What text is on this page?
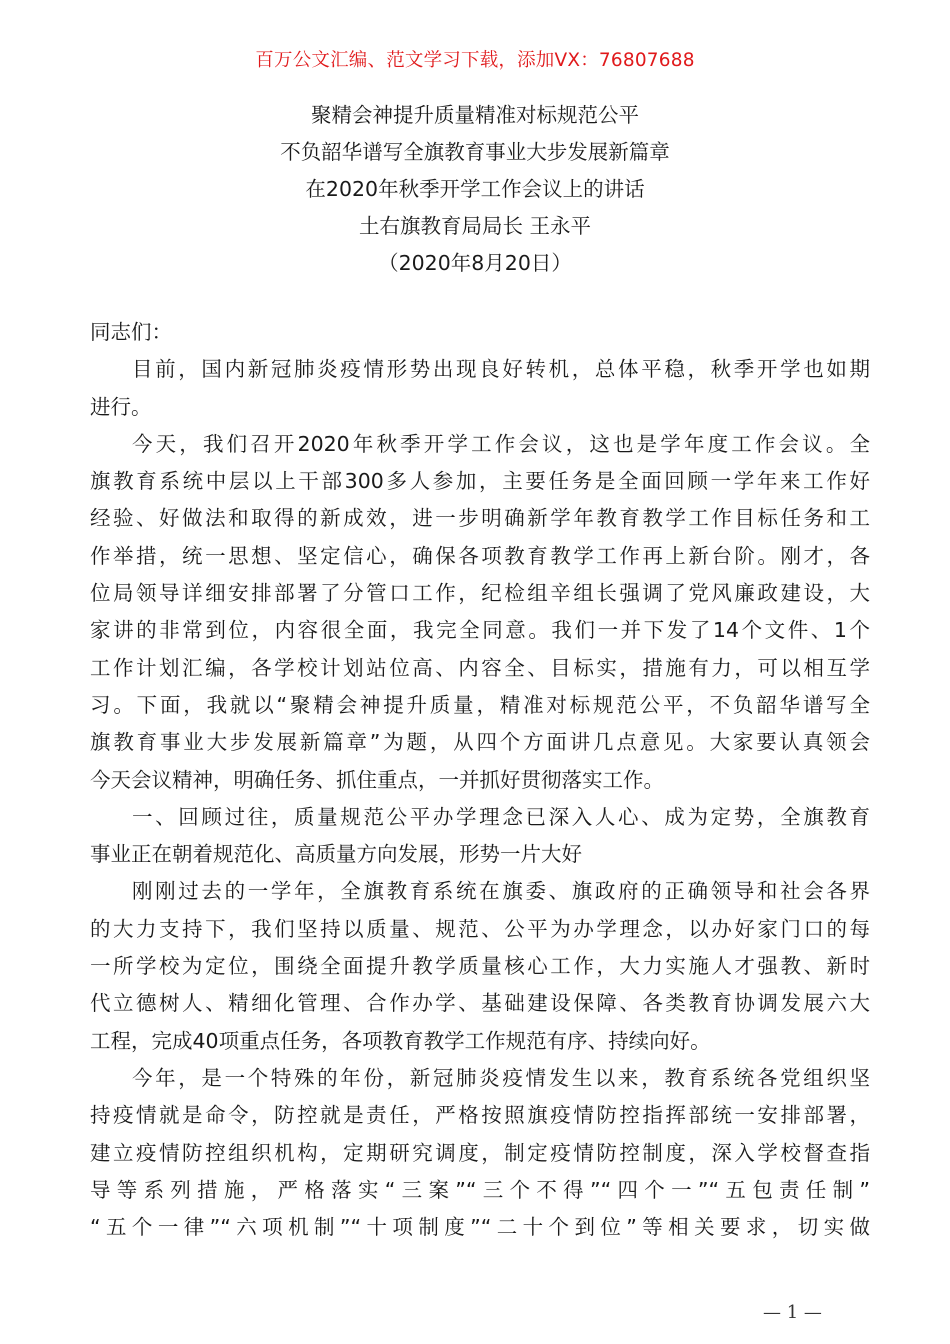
百万公文汇编、范文学习下载，添加VX：76807688
聚精会神提升质量精准对标规范公平
不负韶华谱写全旗教育事业大步发展新篇章
在2020年秋季开学工作会议上的讲话
土右旗教育局局长 王永平
（2020年8月20日）
同志们：
目前，国内新冠肺炎疫情形势出现良好转机，总体平稳，秋季开学也如期
进行。
今天，我们召开2020年秋季开学工作会议，这也是学年度工作会议。全
旗教育系统中层以上干部300多人参加，主要任务是全面回顾一学年来工作好
经验、好做法和取得的新成效，进一步明确新学年教育教学工作目标任务和工
作举措，统一思想、坚定信心，确保各项教育教学工作再上新台阶。刚才，各
位局领导详细安排部署了分管口工作，纪检组辛组长强调了党风廉政建设，大
家讲的非常到位，内容很全面，我完全同意。我们一并下发了14个文件、1个
工作计划汇编，各学校计划站位高、内容全、目标实，措施有力，可以相互学
习。下面，我就以“聚精会神提升质量，精准对标规范公平，不负韶华谱写全
旗教育事业大步发展新篇章”为题，从四个方面讲几点意见。大家要认真领会
今天会议精神，明确任务、抓住重点，一并抓好贯彻落实工作。
一、回顾过往，质量规范公平办学理念已深入人心、成为定势，全旗教育
事业正在朝着规范化、高质量方向发展，形势一片大好
刚刚过去的一学年，全旗教育系统在旗委、旗政府的正确领导和社会各界
的大力支持下，我们坚持以质量、规范、公平为办学理念，以办好家门口的每
一所学校为定位，围绕全面提升教学质量核心工作，大力实施人才强教、新时
代立德树人、精细化管理、合作办学、基础建设保障、各类教育协调发展六大
工程，完成40项重点任务，各项教育教学工作规范有序、持续向好。
今年，是一个特殊的年份，新冠肺炎疫情发生以来，教育系统各党组织坚
持疫情就是命令，防控就是责任，严格按照旗疫情防控指挥部统一安排部署，
建立疫情防控组织机构，定期研究调度，制定疫情防控制度，深入学校督查指
导等系列措施，严格落实“三案”“三个不得”“四个一”“五包责任制”
“五个一律”“六项机制”“十项制度”“二十个到位”等相关要求，切实做
— 1 —
